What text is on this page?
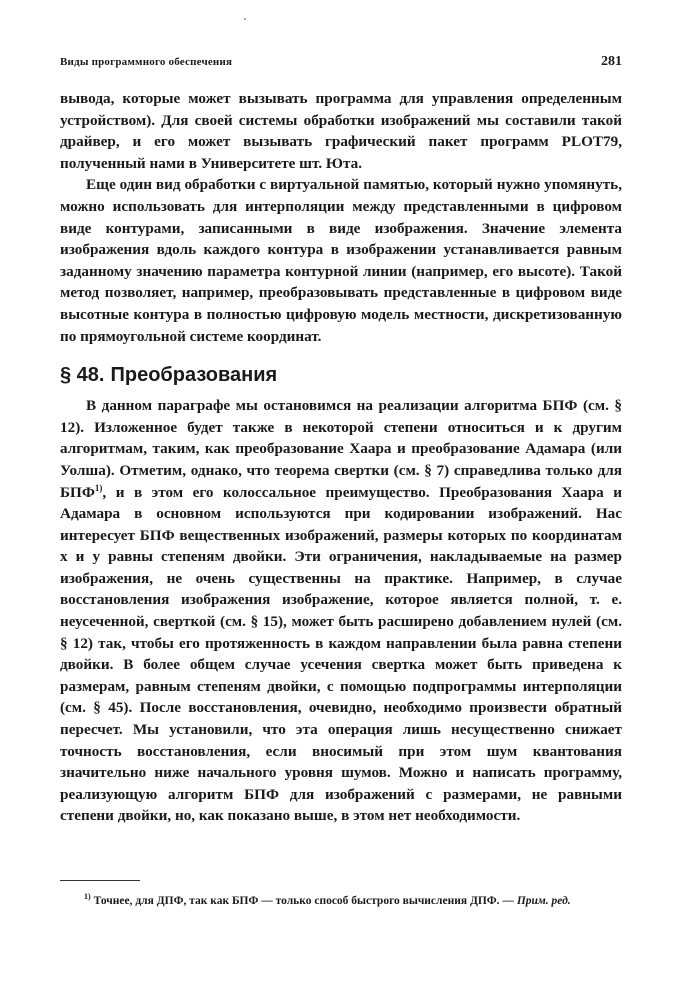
Виды программного обеспечения	281

вывода, которые может вызывать программа для управления определенным устройством). Для своей системы обработки изображений мы составили такой драйвер, и его может вызывать графический пакет программ PLOT79, полученный нами в Университете шт. Юта.

Еще один вид обработки с виртуальной памятью, который нужно упомянуть, можно использовать для интерполяции между представленными в цифровом виде контурами, записанными в виде изображения. Значение элемента изображения вдоль каждого контура в изображении устанавливается равным заданному значению параметра контурной линии (например, его высоте). Такой метод позволяет, например, преобразовывать представленные в цифровом виде высотные контура в полностью цифровую модель местности, дискретизованную по прямоугольной системе координат.

§ 48. Преобразования

В данном параграфе мы остановимся на реализации алгоритма БПФ (см. § 12). Изложенное будет также в некоторой степени относиться и к другим алгоритмам, таким, как преобразование Хаара и преобразование Адамара (или Уолша). Отметим, однако, что теорема свертки (см. § 7) справедлива только для БПФ$^{1)}$, и в этом его колоссальное преимущество. Преобразования Хаара и Адамара в основном используются при кодировании изображений. Нас интересует БПФ вещественных изображений, размеры которых по координатам x и y равны степеням двойки. Эти ограничения, накладываемые на размер изображения, не очень существенны на практике. Например, в случае восстановления изображения изображение, которое является полной, т. е. неусеченной, сверткой (см. § 15), может быть расширено добавлением нулей (см. § 12) так, чтобы его протяженность в каждом направлении была равна степени двойки. В более общем случае усечения свертка может быть приведена к размерам, равным степеням двойки, с помощью подпрограммы интерполяции (см. § 45). После восстановления, очевидно, необходимо произвести обратный пересчет. Мы установили, что эта операция лишь несущественно снижает точность восстановления, если вносимый при этом шум квантования значительно ниже начального уровня шумов. Можно и написать программу, реализующую алгоритм БПФ для изображений с размерами, не равными степени двойки, но, как показано выше, в этом нет необходимости.

$^{1)}$ Точнее, для ДПФ, так как БПФ — только способ быстрого вычисления ДПФ. — Прим. ред.
